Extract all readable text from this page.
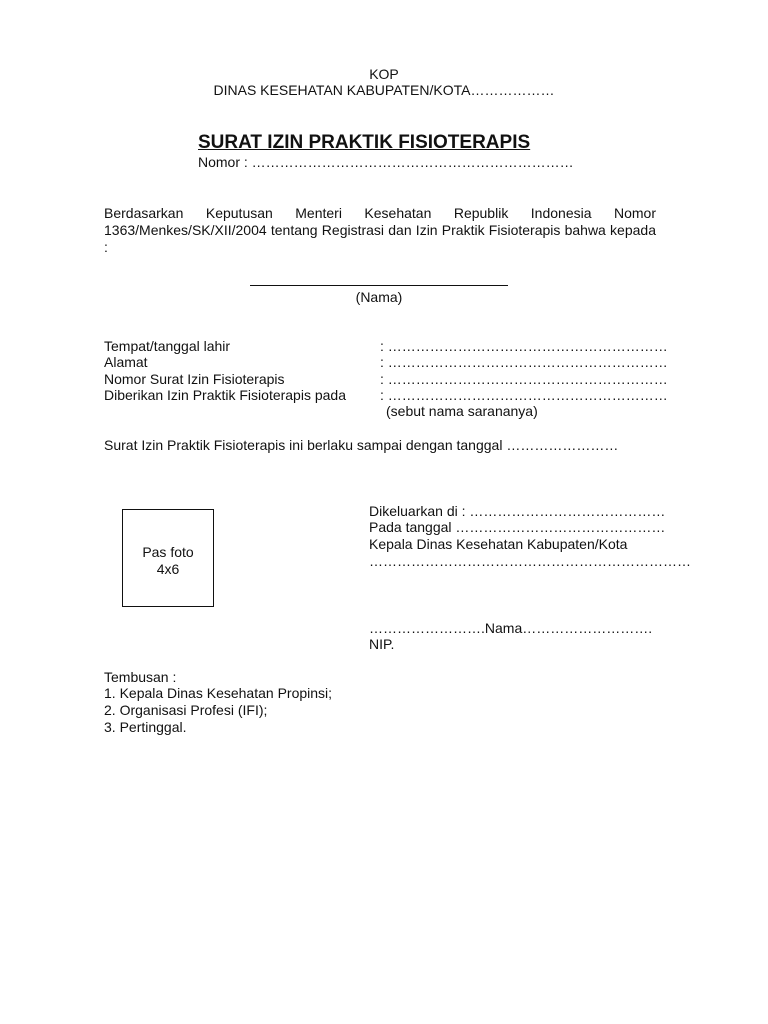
KOP
DINAS KESEHATAN KABUPATEN/KOTA………………
SURAT IZIN PRAKTIK FISIOTERAPIS
Nomor : ……………………………………………………………
Berdasarkan Keputusan Menteri Kesehatan Republik Indonesia Nomor 1363/Menkes/SK/XII/2004 tentang Registrasi dan Izin Praktik Fisioterapis bahwa kepada :
(Nama)
Tempat/tanggal lahir	: ……………………………………………………
Alamat	: ……………………………………………………
Nomor Surat Izin Fisioterapis	: ……………………………………………………
Diberikan Izin Praktik Fisioterapis pada : ……………………………………………………
(sebut nama sarananya)
Surat Izin Praktik Fisioterapis ini berlaku sampai dengan tanggal ……………………
Pas foto
4x6
Dikeluarkan di : ……………………………………
Pada tanggal ………………………………………
Kepala Dinas Kesehatan Kabupaten/Kota
……………………………………………………………
…………………….Nama……………………….
NIP.
Tembusan :
1. Kepala Dinas Kesehatan Propinsi;
2. Organisasi Profesi (IFI);
3. Pertinggal.
